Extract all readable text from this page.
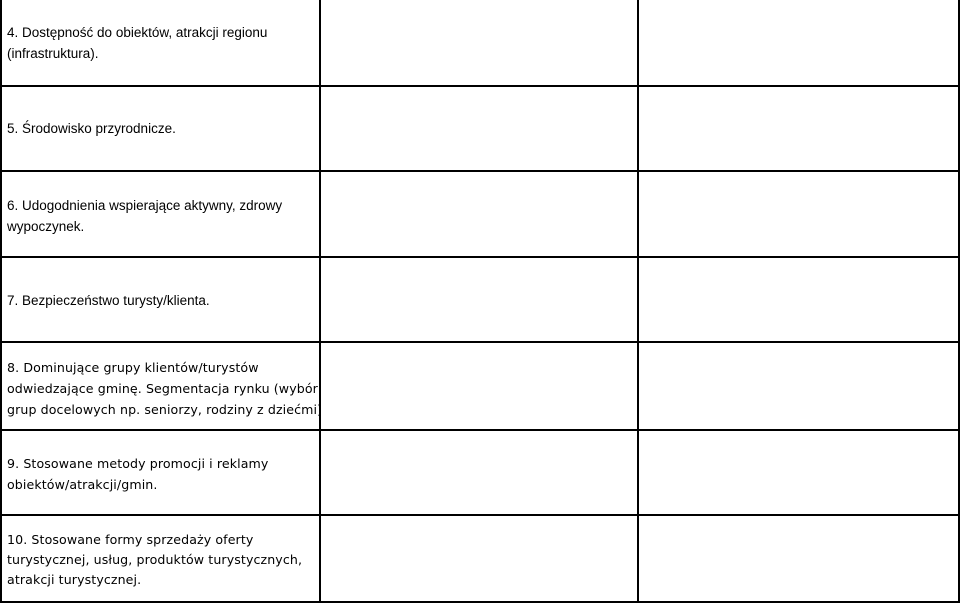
4. Dostępność do obiektów, atrakcji regionu
(infrastruktura).
5. Środowisko przyrodnicze.
6. Udogodnienia wspierające aktywny, zdrowy
wypoczynek.
7. Bezpieczeństwo turysty/klienta.
8. Dominujące grupy klientów/turystów
odwiedzające gminę. Segmentacja rynku (wybór
grup docelowych np. seniorzy, rodziny z dziećmi)
9. Stosowane metody promocji i reklamy
obiektów/atrakcji/gmin.
10. Stosowane formy sprzedaży oferty
turystycznej, usług, produktów turystycznych,
atrakcji turystycznej.
